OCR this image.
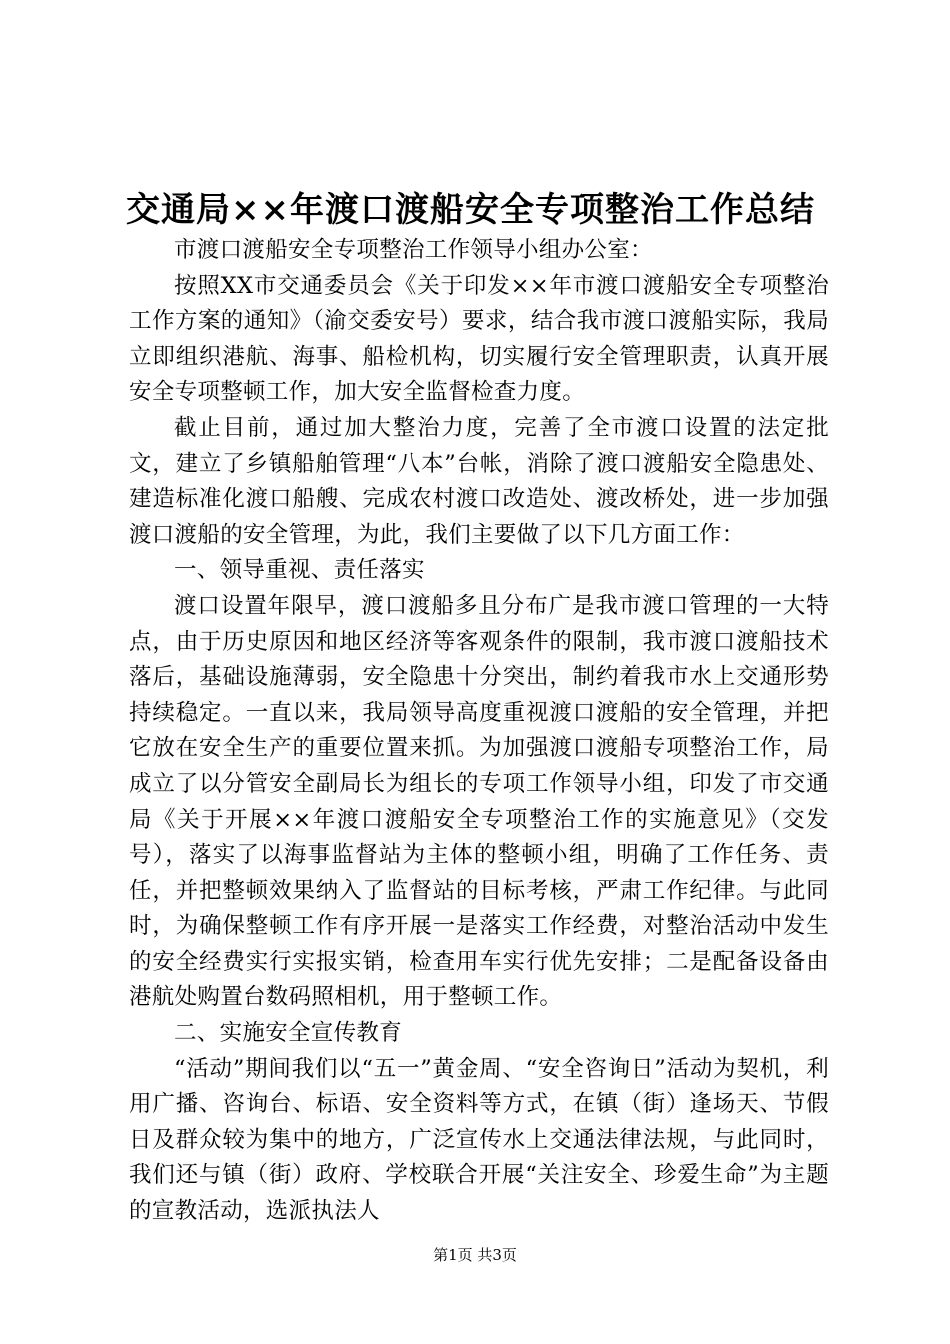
交通局××年渡口渡船安全专项整治工作总结

市渡口渡船安全专项整治工作领导小组办公室：

按照XX市交通委员会《关于印发××年市渡口渡船安全专项整治工作方案的通知》（渝交委安号）要求，结合我市渡口渡船实际，我局立即组织港航、海事、船检机构，切实履行安全管理职责，认真开展安全专项整顿工作，加大安全监督检查力度。

截止目前，通过加大整治力度，完善了全市渡口设置的法定批文，建立了乡镇船舶管理“八本”台帐，消除了渡口渡船安全隐患处、建造标准化渡口船艘、完成农村渡口改造处、渡改桥处，进一步加强渡口渡船的安全管理，为此，我们主要做了以下几方面工作：

一、领导重视、责任落实

渡口设置年限早，渡口渡船多且分布广是我市渡口管理的一大特点，由于历史原因和地区经济等客观条件的限制，我市渡口渡船技术落后，基础设施薄弱，安全隐患十分突出，制约着我市水上交通形势持续稳定。一直以来，我局领导高度重视渡口渡船的安全管理，并把它放在安全生产的重要位置来抓。为加强渡口渡船专项整治工作，局成立了以分管安全副局长为组长的专项工作领导小组，印发了市交通局《关于开展××年渡口渡船安全专项整治工作的实施意见》（交发号），落实了以海事监督站为主体的整顿小组，明确了工作任务、责任，并把整顿效果纳入了监督站的目标考核，严肃工作纪律。与此同时，为确保整顿工作有序开展一是落实工作经费，对整治活动中发生的安全经费实行实报实销，检查用车实行优先安排；二是配备设备由港航处购置台数码照相机，用于整顿工作。

二、实施安全宣传教育

“活动”期间我们以“五一”黄金周、“安全咨询日”活动为契机，利用广播、咨询台、标语、安全资料等方式，在镇（街）逢场天、节假日及群众较为集中的地方，广泛宣传水上交通法律法规，与此同时，我们还与镇（街）政府、学校联合开展“关注安全、珍爱生命”为主题的宣教活动，选派执法人

第1页 共3页
